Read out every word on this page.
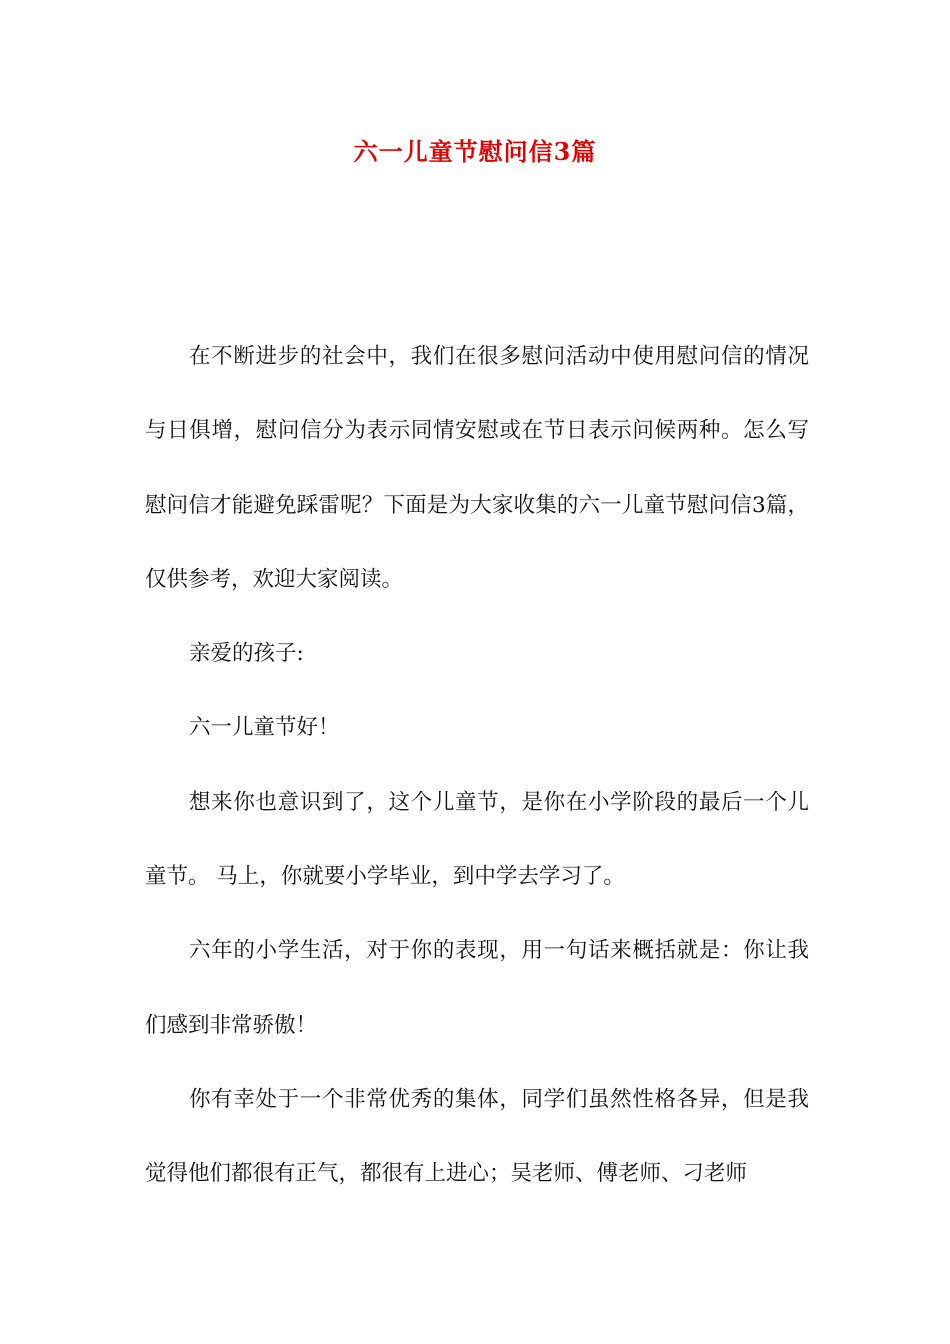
六一儿童节慰问信3篇

在不断进步的社会中，我们在很多慰问活动中使用慰问信的情况与日俱增，慰问信分为表示同情安慰或在节日表示问候两种。怎么写慰问信才能避免踩雷呢？下面是为大家收集的六一儿童节慰问信3篇，仅供参考，欢迎大家阅读。

亲爱的孩子:

六一儿童节好！

想来你也意识到了，这个儿童节，是你在小学阶段的最后一个儿童节。 马上，你就要小学毕业，到中学去学习了。

六年的小学生活，对于你的表现，用一句话来概括就是：你让我们感到非常骄傲！

你有幸处于一个非常优秀的集体，同学们虽然性格各异，但是我觉得他们都很有正气，都很有上进心；吴老师、傅老师、刁老师
